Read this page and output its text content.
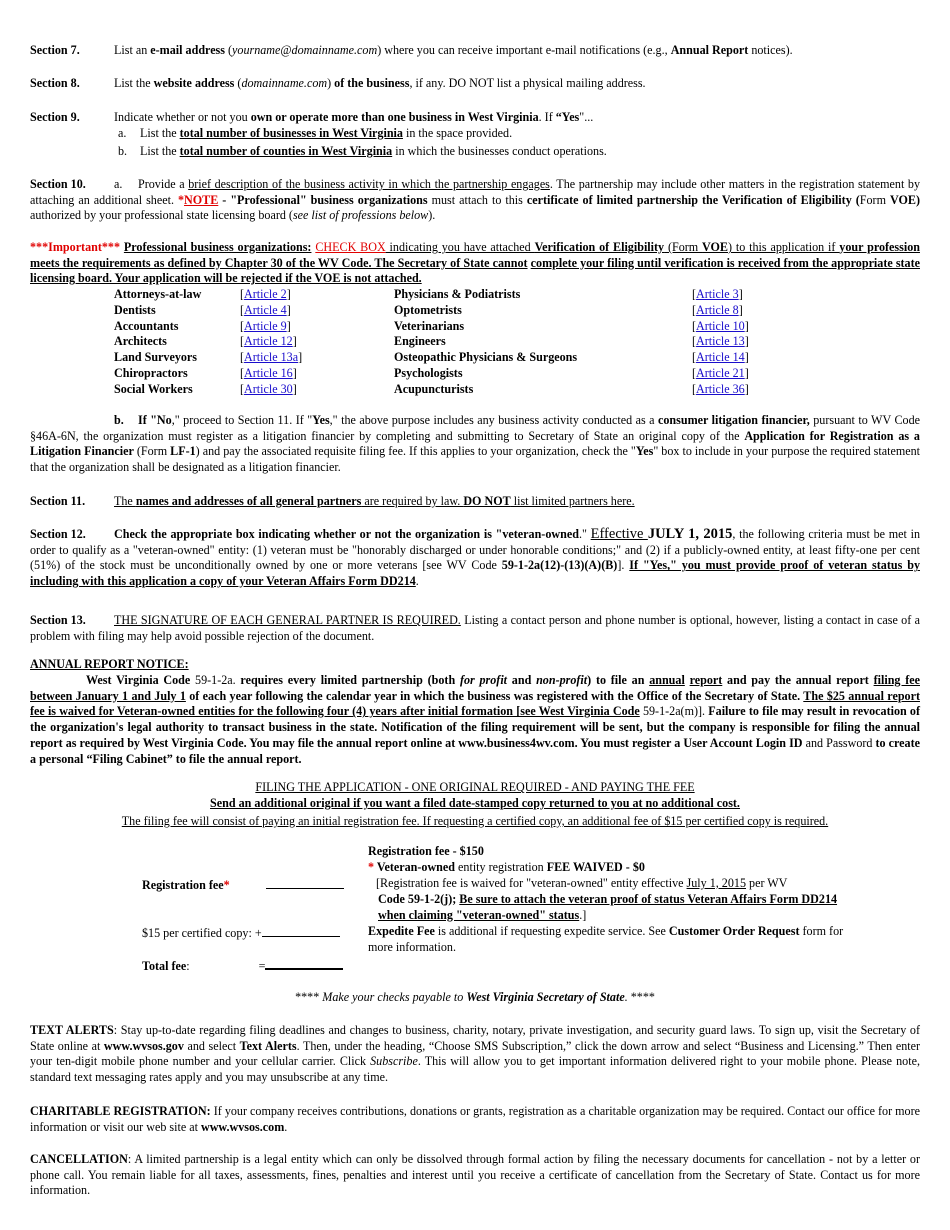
Section 7.	List an e-mail address (yourname@domainname.com) where you can receive important e-mail notifications (e.g., Annual Report notices).
Section 8.	List the website address (domainname.com) of the business, if any. DO NOT list a physical mailing address.
Section 9.	Indicate whether or not you own or operate more than one business in West Virginia. If “Yes"...
a. List the total number of businesses in West Virginia in the space provided.
b. List the total number of counties in West Virginia in which the businesses conduct operations.
Section 10. a. Provide a brief description of the business activity in which the partnership engages. The partnership may include other matters in the registration statement by attaching an additional sheet. *NOTE - "Professional" business organizations must attach to this certificate of limited partnership the Verification of Eligibility (Form VOE) authorized by your professional state licensing board (see list of professions below).
***Important*** Professional business organizations: CHECK BOX indicating you have attached Verification of Eligibility (Form VOE) to this application if your profession meets the requirements as defined by Chapter 30 of the WV Code. The Secretary of State cannot complete your filing until verification is received from the appropriate state licensing board. Your application will be rejected if the VOE is not attached.
Attorneys-at-law	[Article 2]	Physicians & Podiatrists	[Article 3]
Dentists	[Article 4]	Optometrists	[Article 8]
Accountants	[Article 9]	Veterinarians	[Article 10]
Architects	[Article 12]	Engineers	[Article 13]
Land Surveyors	[Article 13a]	Osteopathic Physicians & Surgeons	[Article 14]
Chiropractors	[Article 16]	Psychologists	[Article 21]
Social Workers	[Article 30]	Acupuncturists	[Article 36]
b. If "No," proceed to Section 11. If "Yes," the above purpose includes any business activity conducted as a consumer litigation financier, pursuant to WV Code §46A-6N, the organization must register as a litigation financier by completing and submitting to Secretary of State an original copy of the Application for Registration as a Litigation Financier (Form LF-1) and pay the associated requisite filing fee. If this applies to your organization, check the "Yes" box to include in your purpose the required statement that the organization shall be designated as a litigation financier.
Section 11. The names and addresses of all general partners are required by law. DO NOT list limited partners here.
Section 12. Check the appropriate box indicating whether or not the organization is "veteran-owned." Effective JULY 1, 2015, the following criteria must be met in order to qualify as a "veteran-owned" entity: (1) veteran must be "honorably discharged or under honorable conditions;" and (2) if a publicly-owned entity, at least fifty-one per cent (51%) of the stock must be unconditionally owned by one or more veterans [see WV Code 59-1-2a(12)-(13)(A)(B)]. If "Yes," you must provide proof of veteran status by including with this application a copy of your Veteran Affairs Form DD214.
Section 13. THE SIGNATURE OF EACH GENERAL PARTNER IS REQUIRED. Listing a contact person and phone number is optional, however, listing a contact in case of a problem with filing may help avoid possible rejection of the document.
ANNUAL REPORT NOTICE:
West Virginia Code 59-1-2a. requires every limited partnership (both for profit and non-profit) to file an annual report and pay the annual report filing fee between January 1 and July 1 of each year following the calendar year in which the business was registered with the Office of the Secretary of State. The $25 annual report fee is waived for Veteran-owned entities for the following four (4) years after initial formation [see West Virginia Code 59-1-2a(m)]. Failure to file may result in revocation of the organization's legal authority to transact business in the state. Notification of the filing requirement will be sent, but the company is responsible for filing the annual report as required by West Virginia Code. You may file the annual report online at www.business4wv.com. You must register a User Account Login ID and Password to create a personal “Filing Cabinet” to file the annual report.
FILING THE APPLICATION - ONE ORIGINAL REQUIRED - AND PAYING THE FEE
Send an additional original if you want a filed date-stamped copy returned to you at no additional cost.
The filing fee will consist of paying an initial registration fee. If requesting a certified copy, an additional fee of $15 per certified copy is required.
Registration fee*
$15 per certified copy: +
Total fee:	=
Registration fee - $150
* Veteran-owned entity registration FEE WAIVED - $0
[Registration fee is waived for "veteran-owned" entity effective July 1, 2015 per WV
Code 59-1-2(j); Be sure to attach the veteran proof of status Veteran Affairs Form DD214
when claiming "veteran-owned" status.]
Expedite Fee is additional if requesting expedite service. See Customer Order Request form for
more information.
**** Make your checks payable to West Virginia Secretary of State. ****
TEXT ALERTS: Stay up-to-date regarding filing deadlines and changes to business, charity, notary, private investigation, and security guard laws. To sign up, visit the Secretary of State online at www.wvsos.gov and select Text Alerts. Then, under the heading, “Choose SMS Subscription,” click the down arrow and select “Business and Licensing.” Then enter your ten-digit mobile phone number and your cellular carrier. Click Subscribe. This will allow you to get important information delivered right to your mobile phone. Please note, standard text messaging rates apply and you may unsubscribe at any time.
CHARITABLE REGISTRATION: If your company receives contributions, donations or grants, registration as a charitable organization may be required. Contact our office for more information or visit our web site at www.wvsos.com.
CANCELLATION: A limited partnership is a legal entity which can only be dissolved through formal action by filing the necessary documents for cancellation - not by a letter or phone call. You remain liable for all taxes, assessments, fines, penalties and interest until you receive a certificate of cancellation from the Secretary of State. Contact us for more information.
